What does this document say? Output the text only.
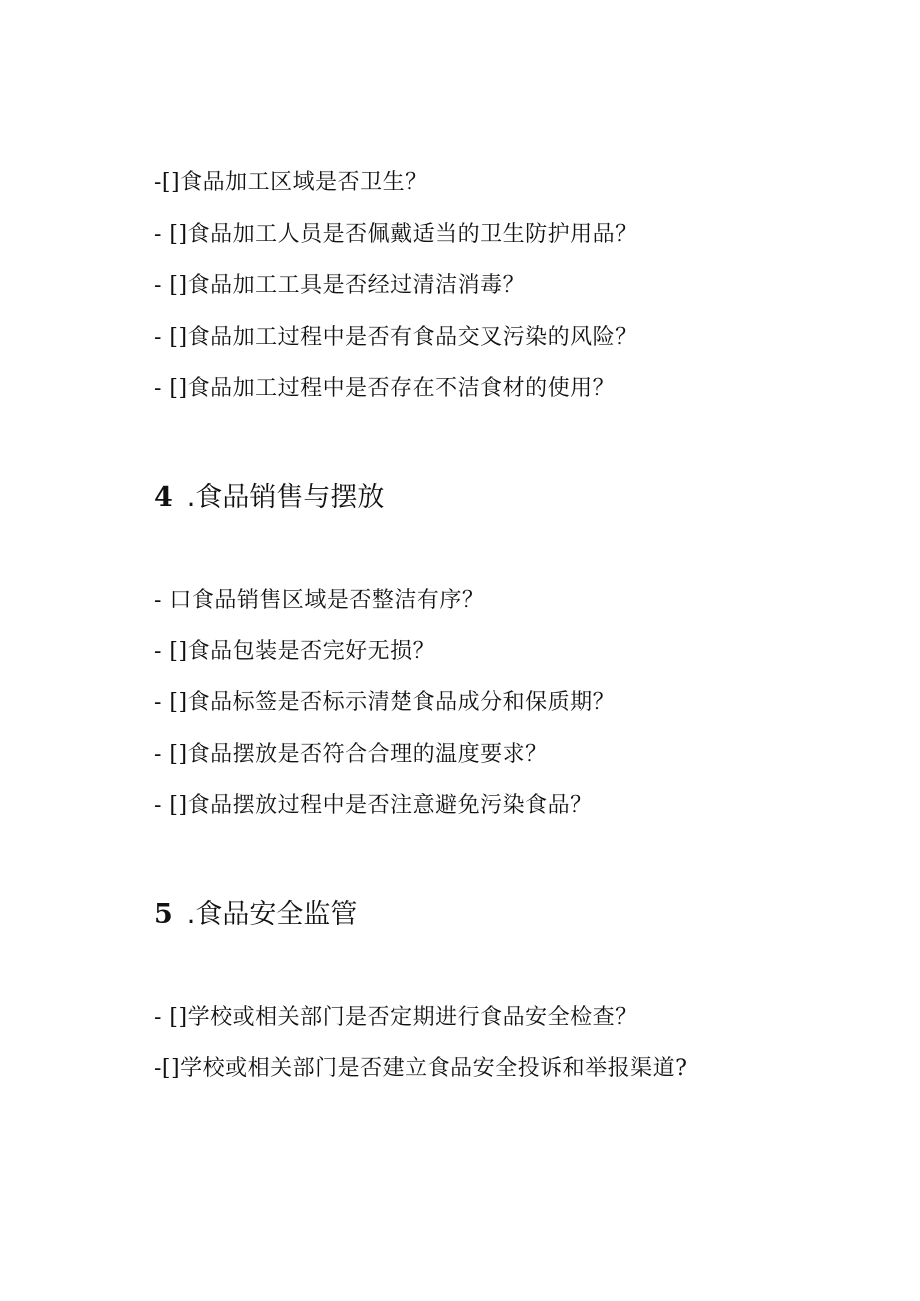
-[]食品加工区域是否卫生？
- []食品加工人员是否佩戴适当的卫生防护用品？
- []食品加工工具是否经过清洁消毒？
- []食品加工过程中是否有食品交叉污染的风险？
- []食品加工过程中是否存在不洁食材的使用？
4 .食品销售与摆放
- 口食品销售区域是否整洁有序？
- []食品包装是否完好无损？
- []食品标签是否标示清楚食品成分和保质期？
- []食品摆放是否符合合理的温度要求？
- []食品摆放过程中是否注意避免污染食品？
5 .食品安全监管
- []学校或相关部门是否定期进行食品安全检查？
-[]学校或相关部门是否建立食品安全投诉和举报渠道?
